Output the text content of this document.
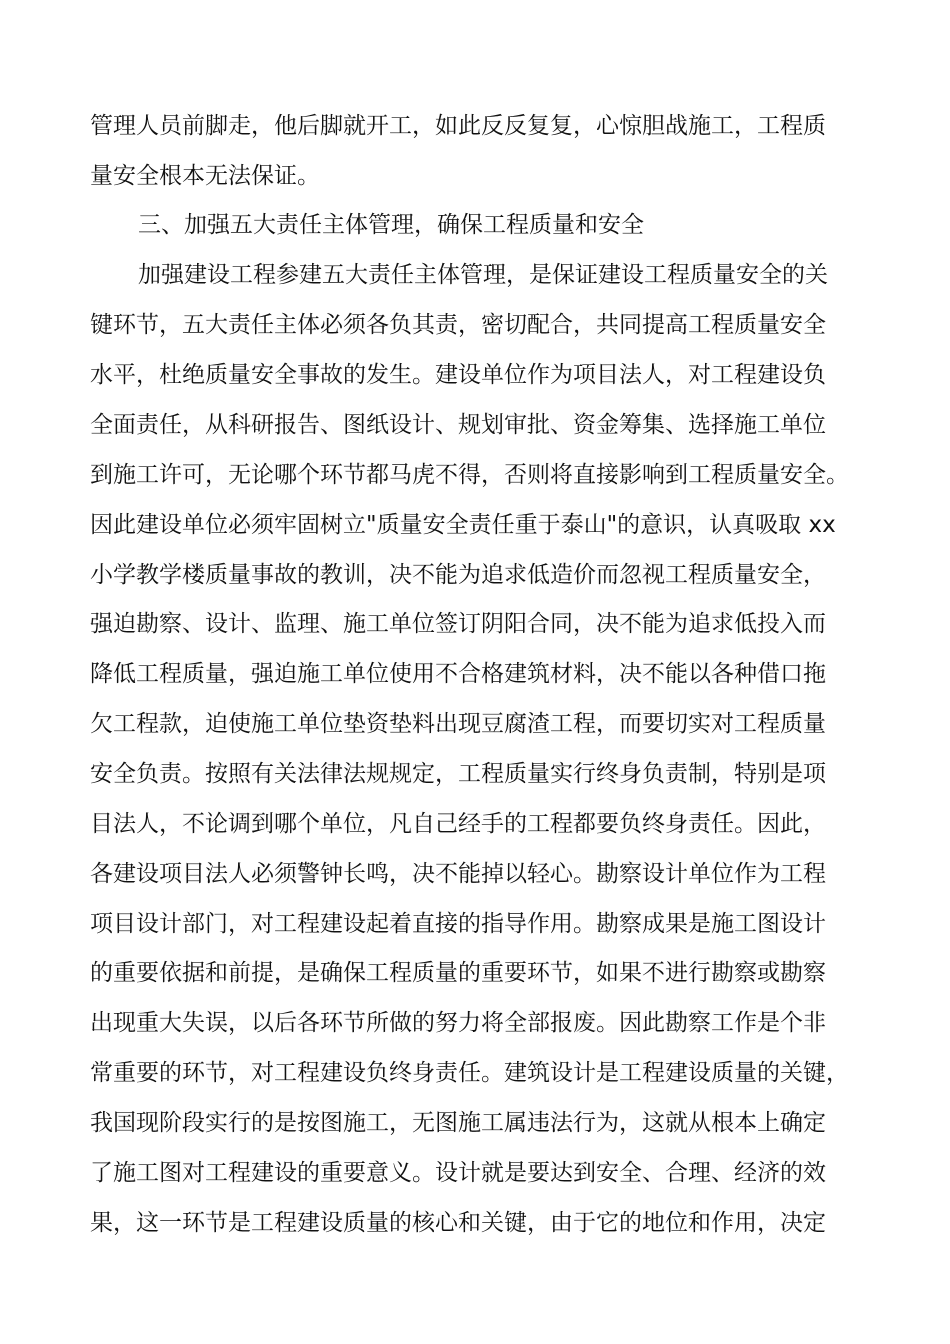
管理人员前脚走，他后脚就开工，如此反反复复，心惊胆战施工，工程质
量安全根本无法保证。
三、加强五大责任主体管理，确保工程质量和安全
加强建设工程参建五大责任主体管理，是保证建设工程质量安全的关
键环节，五大责任主体必须各负其责，密切配合，共同提高工程质量安全
水平，杜绝质量安全事故的发生。建设单位作为项目法人，对工程建设负
全面责任，从科研报告、图纸设计、规划审批、资金筹集、选择施工单位
到施工许可，无论哪个环节都马虎不得，否则将直接影响到工程质量安全。
因此建设单位必须牢固树立"质量安全责任重于泰山"的意识，认真吸取 xx
小学教学楼质量事故的教训，决不能为追求低造价而忽视工程质量安全，
强迫勘察、设计、监理、施工单位签订阴阳合同，决不能为追求低投入而
降低工程质量，强迫施工单位使用不合格建筑材料，决不能以各种借口拖
欠工程款，迫使施工单位垫资垫料出现豆腐渣工程，而要切实对工程质量
安全负责。按照有关法律法规规定，工程质量实行终身负责制，特别是项
目法人，不论调到哪个单位，凡自己经手的工程都要负终身责任。因此，
各建设项目法人必须警钟长鸣，决不能掉以轻心。勘察设计单位作为工程
项目设计部门，对工程建设起着直接的指导作用。勘察成果是施工图设计
的重要依据和前提，是确保工程质量的重要环节，如果不进行勘察或勘察
出现重大失误，以后各环节所做的努力将全部报废。因此勘察工作是个非
常重要的环节，对工程建设负终身责任。建筑设计是工程建设质量的关键，
我国现阶段实行的是按图施工，无图施工属违法行为，这就从根本上确定
了施工图对工程建设的重要意义。设计就是要达到安全、合理、经济的效
果，这一环节是工程建设质量的核心和关键，由于它的地位和作用，决定
